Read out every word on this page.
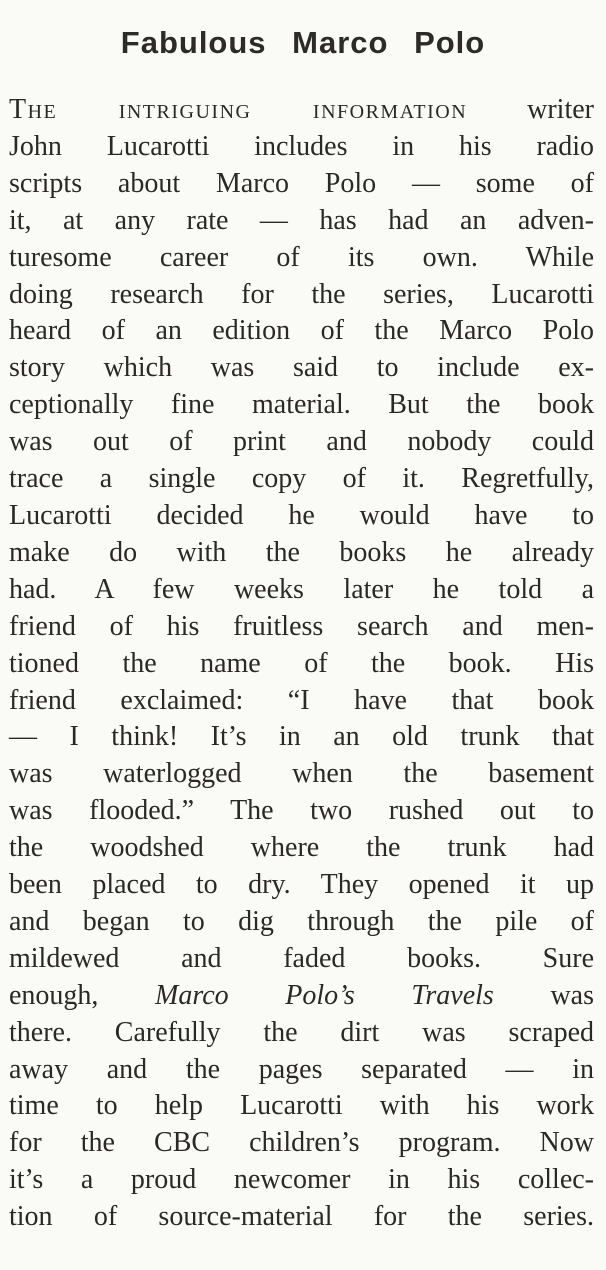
Fabulous Marco Polo
The intriguing information writer
John Lucarotti includes in his radio
scripts about Marco Polo — some of
it, at any rate — has had an adven-
turesome career of its own. While
doing research for the series, Lucarotti
heard of an edition of the Marco Polo
story which was said to include ex-
ceptionally fine material. But the book
was out of print and nobody could
trace a single copy of it. Regretfully,
Lucarotti decided he would have to
make do with the books he already
had. A few weeks later he told a
friend of his fruitless search and men-
tioned the name of the book. His
friend exclaimed: “I have that book
— I think! It’s in an old trunk that
was waterlogged when the basement
was flooded.” The two rushed out to
the woodshed where the trunk had
been placed to dry. They opened it up
and began to dig through the pile of
mildewed and faded books. Sure
enough, Marco Polo’s Travels was
there. Carefully the dirt was scraped
away and the pages separated — in
time to help Lucarotti with his work
for the CBC children’s program. Now
it’s a proud newcomer in his collec-
tion of source-material for the series.
